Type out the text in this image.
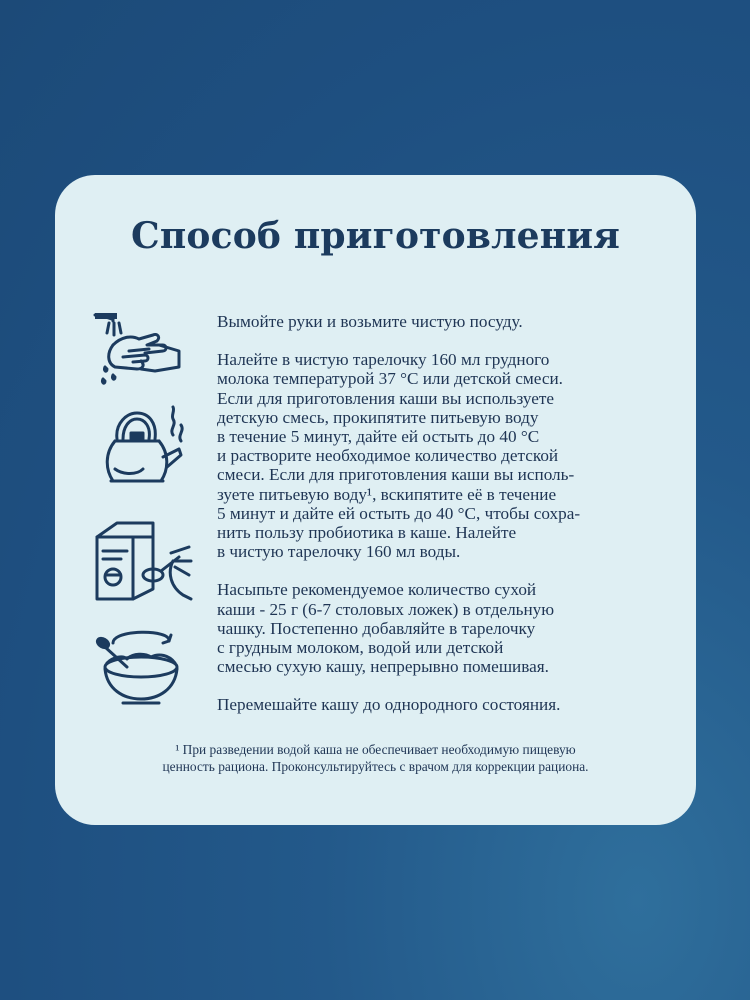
Способ приготовления

Вымойте руки и возьмите чистую посуду.

Налейте в чистую тарелочку 160 мл грудного
молока температурой 37 °С или детской смеси.
Если для приготовления каши вы используете
детскую смесь, прокипятите питьевую воду
в течение 5 минут, дайте ей остыть до 40 °С
и растворите необходимое количество детской
смеси. Если для приготовления каши вы исполь-
зуете питьевую воду¹, вскипятите её в течение
5 минут и дайте ей остыть до 40 °С, чтобы сохра-
нить пользу пробиотика в каше. Налейте
в чистую тарелочку 160 мл воды.

Насыпьте рекомендуемое количество сухой
каши - 25 г (6-7 столовых ложек) в отдельную
чашку. Постепенно добавляйте в тарелочку
с грудным молоком, водой или детской
смесью сухую кашу, непрерывно помешивая.

Перемешайте кашу до однородного состояния.

¹ При разведении водой каша не обеспечивает необходимую пищевую
ценность рациона. Проконсультируйтесь с врачом для коррекции рациона.
